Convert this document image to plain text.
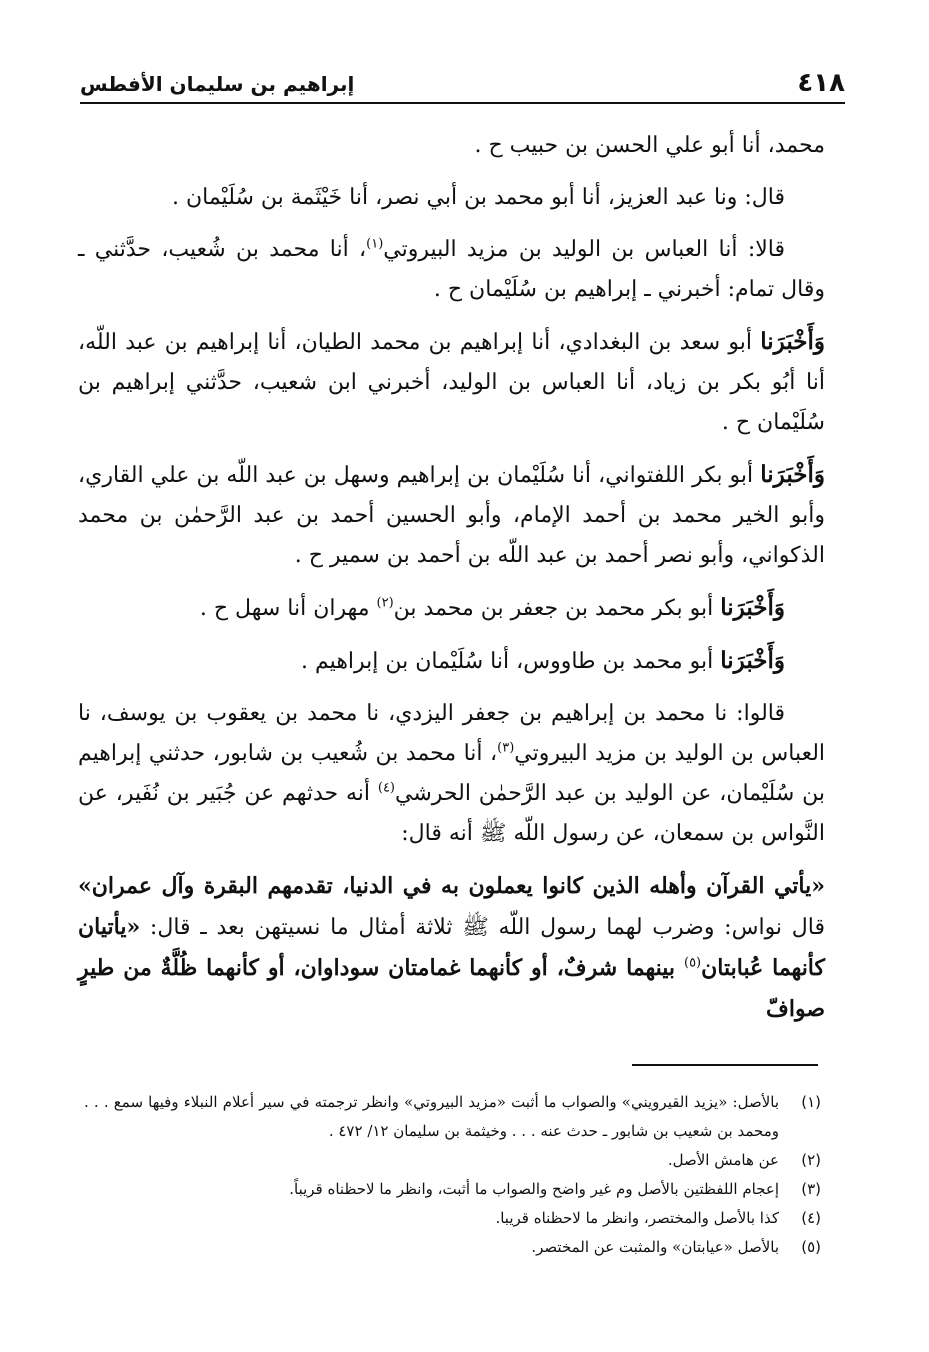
٤١٨
إبراهيم بن سليمان الأفطس

محمد، أنا أبو علي الحسن بن حبيب ح .

قال: ونا عبد العزيز، أنا أبو محمد بن أبي نصر، أنا خَيْثَمة بن سُلَيْمان .

قالا: أنا العباس بن الوليد بن مزيد البيروتي$^{(١)}$، أنا محمد بن شُعيب، حدَّثني ـ وقال تمام: أخبرني ـ إبراهيم بن سُلَيْمان ح .

وَأَخْبَرَنا أبو سعد بن البغدادي، أنا إبراهيم بن محمد الطيان، أنا إبراهيم بن عبد اللّه، أنا أبُو بكر بن زياد، أنا العباس بن الوليد، أخبرني ابن شعيب، حدَّثني إبراهيم بن سُلَيْمان ح .

وَأَخْبَرَنا أبو بكر اللفتواني، أنا سُلَيْمان بن إبراهيم وسهل بن عبد اللّه بن علي القاري، وأبو الخير محمد بن أحمد الإمام، وأبو الحسين أحمد بن عبد الرَّحمٰن بن محمد الذكواني، وأبو نصر أحمد بن عبد اللّه بن أحمد بن سمير ح .

وَأَخْبَرَنا أبو بكر محمد بن جعفر بن محمد بن$^{(٢)}$ مهران أنا سهل ح .

وَأَخْبَرَنا أبو محمد بن طاووس، أنا سُلَيْمان بن إبراهيم .

قالوا: نا محمد بن إبراهيم بن جعفر اليزدي، نا محمد بن يعقوب بن يوسف، نا العباس بن الوليد بن مزيد البيروتي$^{(٣)}$، أنا محمد بن شُعيب بن شابور، حدثني إبراهيم بن سُلَيْمان، عن الوليد بن عبد الرَّحمٰن الحرشي$^{(٤)}$ أنه حدثهم عن جُبَير بن نُفَير، عن النَّواس بن سمعان، عن رسول اللّه ﷺ أنه قال:

«يأتي القرآن وأهله الذين كانوا يعملون به في الدنيا، تقدمهم البقرة وآل عمران» قال نواس: وضرب لهما رسول اللّه ﷺ ثلاثة أمثال ما نسيتهن بعد ـ قال: «يأتيان كأنهما عُبابتان$^{(٥)}$ بينهما شرفٌ، أو كأنهما غمامتان سوداوان، أو كأنهما ظُلَّةٌ من طيرٍ صوافّ

(١)
بالأصل: «يزيد القيرويني» والصواب ما أثبت «مزيد البيروتي» وانظر ترجمته في سير أعلام النبلاء وفيها سمع . . . ومحمد بن شعيب بن شابور ـ حدث عنه . . . وخيثمة بن سليمان ١٢/ ٤٧٢ .
(٢)
عن هامش الأصل.
(٣)
إعجام اللفظتين بالأصل وم غير واضح والصواب ما أثبت، وانظر ما لاحظناه قريباً.
(٤)
كذا بالأصل والمختصر، وانظر ما لاحظناه قريبا.
(٥)
بالأصل «عيابتان» والمثبت عن المختصر.
